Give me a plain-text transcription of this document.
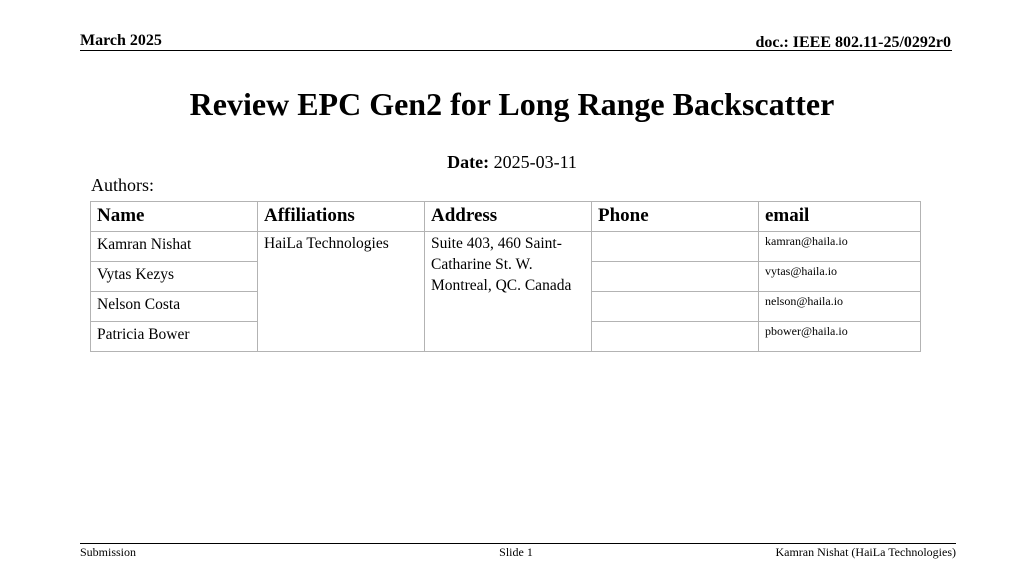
March 2025	doc.: IEEE 802.11-25/0292r0
Review EPC Gen2 for Long Range Backscatter
Date: 2025-03-11
Authors:
Name	Affiliations	Address	Phone	email
Kamran Nishat	HaiLa Technologies	Suite 403, 460 Saint-Catharine St. W. Montreal, QC. Canada		kamran@haila.io
Vytas Kezys				vytas@haila.io
Nelson Costa				nelson@haila.io
Patricia Bower				pbower@haila.io
Submission	Slide 1	Kamran Nishat (HaiLa Technologies)
